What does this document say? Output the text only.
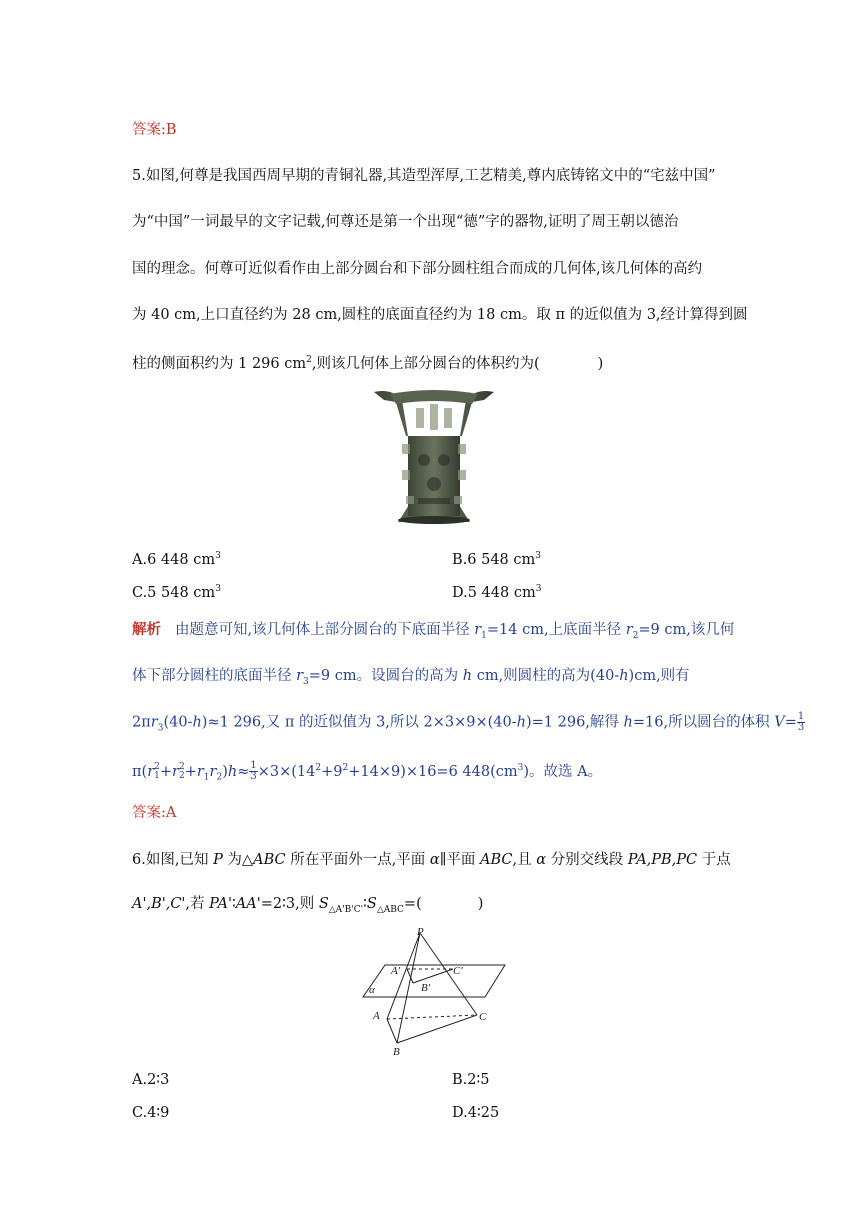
答案:B
5.如图,何尊是我国西周早期的青铜礼器,其造型浑厚,工艺精美,尊内底铸铭文中的“宅兹中国”
为“中国”一词最早的文字记载,何尊还是第一个出现“德”字的器物,证明了周王朝以德治
国的理念。何尊可近似看作由上部分圆台和下部分圆柱组合而成的几何体,该几何体的高约
为 40 cm,上口直径约为 28 cm,圆柱的底面直径约为 18 cm。取 π 的近似值为 3,经计算得到圆
柱的侧面积约为 1 296 $cm^2$,则该几何体上部分圆台的体积约为(	)
A.6 448 $cm^3$	B.6 548 $cm^3$
C.5 548 $cm^3$	D.5 448 $cm^3$
解析 由题意可知,该几何体上部分圆台的下底面半径 $r_1=14$ cm,上底面半径 $r_2=9$ cm,该几何
体下部分圆柱的底面半径 $r_3=9$ cm。设圆台的高为 h cm,则圆柱的高为(40-h)cm,则有
$2\pi r_3(40-h)\approx 1$ 296,又 π 的近似值为 3,所以 2×3×9×(40-h)=1 296,解得 h=16,所以圆台的体积 $V= \frac{1}{3}$
π(r 2
1 +r 2
$2 +r_1r_2)h\approx \frac{1}{3} \times 3\times(14^2+9^2+14\times 9)\times 16=6$ $448(cm^3)$。故选 A。
答案:A
6.如图,已知 P 为△ABC 所在平面外一点,平面 α∥平面 ABC,且 α 分别交线段 PA,PB,PC 于点
A',B',C',若 PA'∶AA'=2∶3,则 $S_{\triangle A'B'C'}∶S_{\triangle ABC}=$(	)
P
A'
B'
C'
α
A
B
C
A.2∶3	B.2∶5
C.4∶9	D.4∶25
